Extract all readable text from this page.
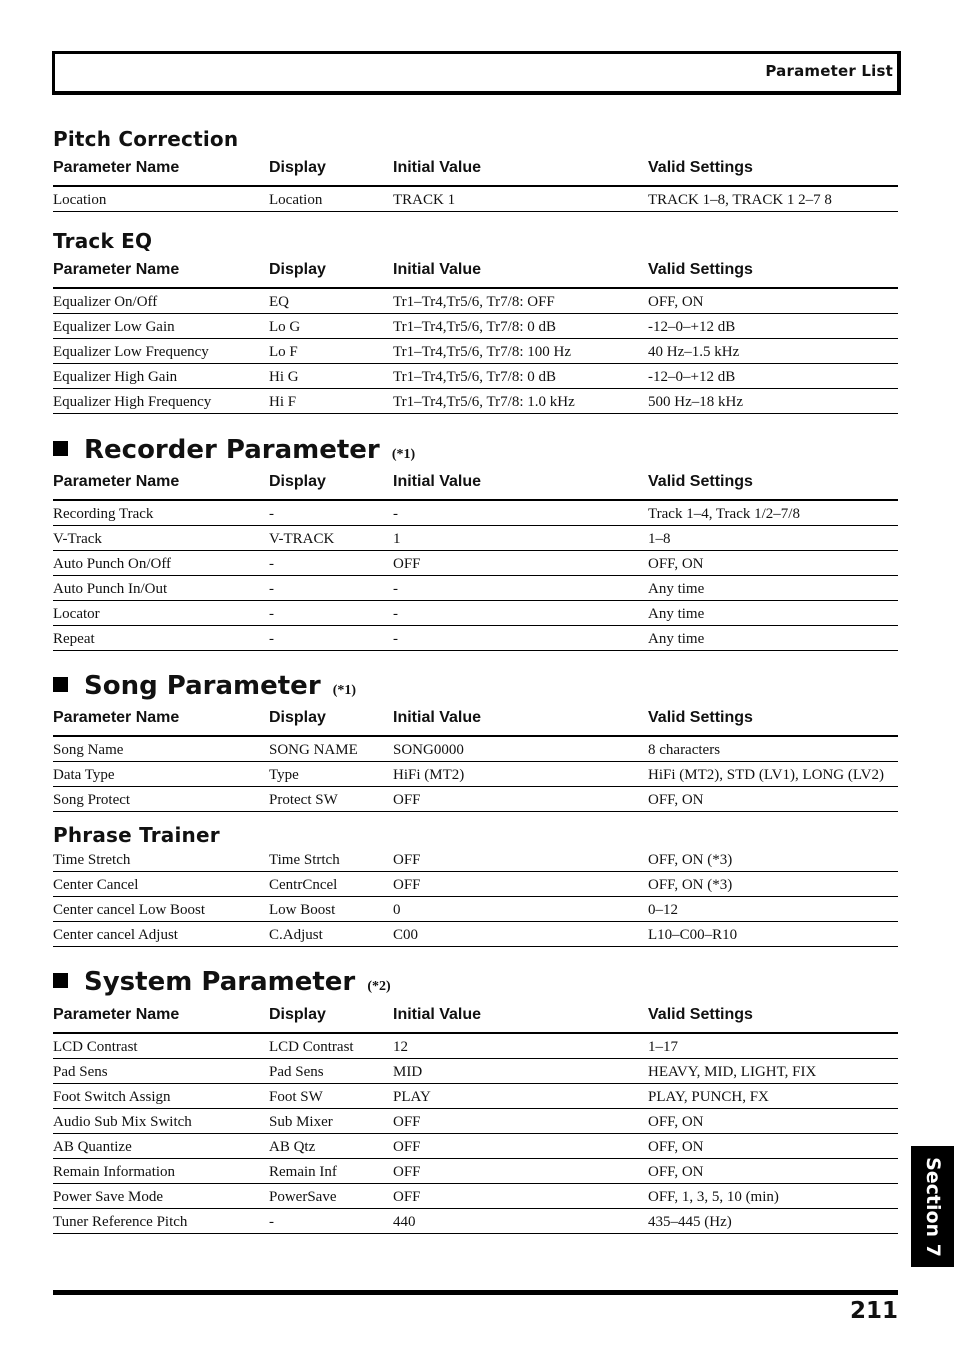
Parameter List
Pitch Correction
Parameter Name	Display	Initial Value	Valid Settings
Location	Location	TRACK 1	TRACK 1–8, TRACK 1 2–7 8
Track EQ
Parameter Name	Display	Initial Value	Valid Settings
Equalizer On/Off	EQ	Tr1–Tr4,Tr5/6, Tr7/8: OFF	OFF, ON
Equalizer Low Gain	Lo G	Tr1–Tr4,Tr5/6, Tr7/8: 0 dB	-12–0–+12 dB
Equalizer Low Frequency	Lo F	Tr1–Tr4,Tr5/6, Tr7/8: 100 Hz	40 Hz–1.5 kHz
Equalizer High Gain	Hi G	Tr1–Tr4,Tr5/6, Tr7/8: 0 dB	-12–0–+12 dB
Equalizer High Frequency	Hi F	Tr1–Tr4,Tr5/6, Tr7/8: 1.0 kHz	500 Hz–18 kHz
Recorder Parameter (*1)
Parameter Name	Display	Initial Value	Valid Settings
Recording Track	-	-	Track 1–4, Track 1/2–7/8
V-Track	V-TRACK	1	1–8
Auto Punch On/Off	-	OFF	OFF, ON
Auto Punch In/Out	-	-	Any time
Locator	-	-	Any time
Repeat	-	-	Any time
Song Parameter (*1)
Parameter Name	Display	Initial Value	Valid Settings
Song Name	SONG NAME	SONG0000	8 characters
Data Type	Type	HiFi (MT2)	HiFi (MT2), STD (LV1), LONG (LV2)
Song Protect	Protect SW	OFF	OFF, ON
Phrase Trainer
Time Stretch	Time Strtch	OFF	OFF, ON (*3)
Center Cancel	CentrCncel	OFF	OFF, ON (*3)
Center cancel Low Boost	Low Boost	0	0–12
Center cancel Adjust	C.Adjust	C00	L10–C00–R10
System Parameter (*2)
Parameter Name	Display	Initial Value	Valid Settings
LCD Contrast	LCD Contrast	12	1–17
Pad Sens	Pad Sens	MID	HEAVY, MID, LIGHT, FIX
Foot Switch Assign	Foot SW	PLAY	PLAY, PUNCH, FX
Audio Sub Mix Switch	Sub Mixer	OFF	OFF, ON
AB Quantize	AB Qtz	OFF	OFF, ON
Remain Information	Remain Inf	OFF	OFF, ON
Power Save Mode	PowerSave	OFF	OFF, 1, 3, 5, 10 (min)
Tuner Reference Pitch	-	440	435–445 (Hz)	Section 7
211
